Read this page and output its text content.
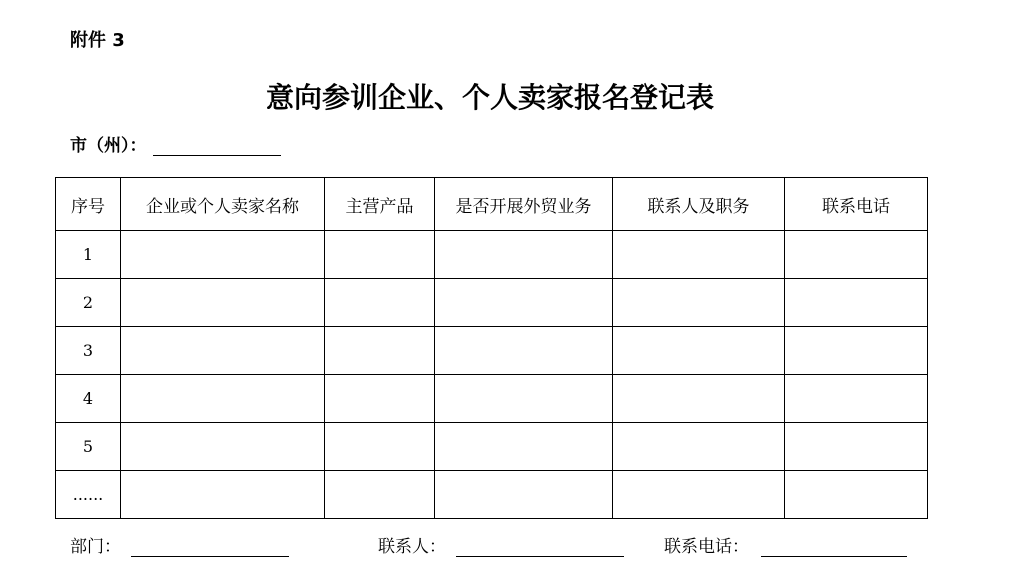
附件 3
意向参训企业、个人卖家报名登记表
市（州）：
序号	企业或个人卖家名称	主营产品	是否开展外贸业务	联系人及职务	联系电话
1					
2					
3					
4					
5					
......					
部门：	联系人：	联系电话：
